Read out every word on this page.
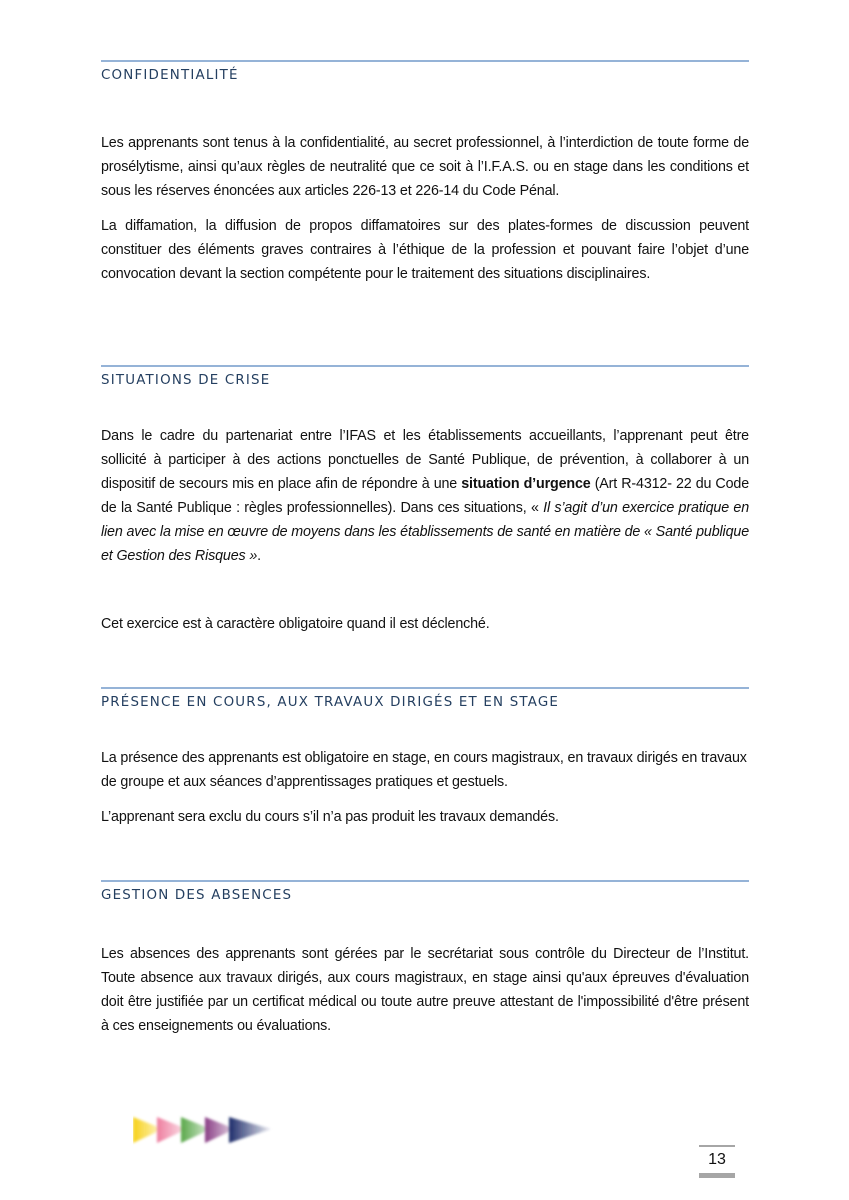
CONFIDENTIALITÉ
Les apprenants sont tenus à la confidentialité, au secret professionnel, à l’interdiction de toute forme de prosélytisme, ainsi qu’aux règles de neutralité que ce soit à l’I.F.A.S. ou en stage dans les conditions et sous les réserves énoncées aux articles 226-13 et 226-14 du Code Pénal.
La diffamation, la diffusion de propos diffamatoires sur des plates-formes de discussion peuvent constituer des éléments graves contraires à l’éthique de la profession et pouvant faire l’objet d’une convocation devant la section compétente pour le traitement des situations disciplinaires.
SITUATIONS DE CRISE
Dans le cadre du partenariat entre l’IFAS et les établissements accueillants, l’apprenant peut être sollicité à participer à des actions ponctuelles de Santé Publique, de prévention, à collaborer à un dispositif de secours mis en place afin de répondre à une situation d’urgence (Art R-4312- 22 du Code de la Santé Publique : règles professionnelles). Dans ces situations, « Il s’agit d’un exercice pratique en lien avec la mise en œuvre de moyens dans les établissements de santé en matière de « Santé publique et Gestion des Risques ».
Cet exercice est à caractère obligatoire quand il est déclenché.
PRÉSENCE EN COURS, AUX TRAVAUX DIRIGÉS ET EN STAGE
La présence des apprenants est obligatoire en stage, en cours magistraux, en travaux dirigés en travaux de groupe et aux séances d’apprentissages pratiques et gestuels.
L’apprenant sera exclu du cours s’il n’a pas produit les travaux demandés.
GESTION DES ABSENCES
Les absences des apprenants sont gérées par le secrétariat sous contrôle du Directeur de l’Institut. Toute absence aux travaux dirigés, aux cours magistraux, en stage ainsi qu'aux épreuves d'évaluation doit être justifiée par un certificat médical ou toute autre preuve attestant de l'impossibilité d'être présent à ces enseignements ou évaluations.
13
